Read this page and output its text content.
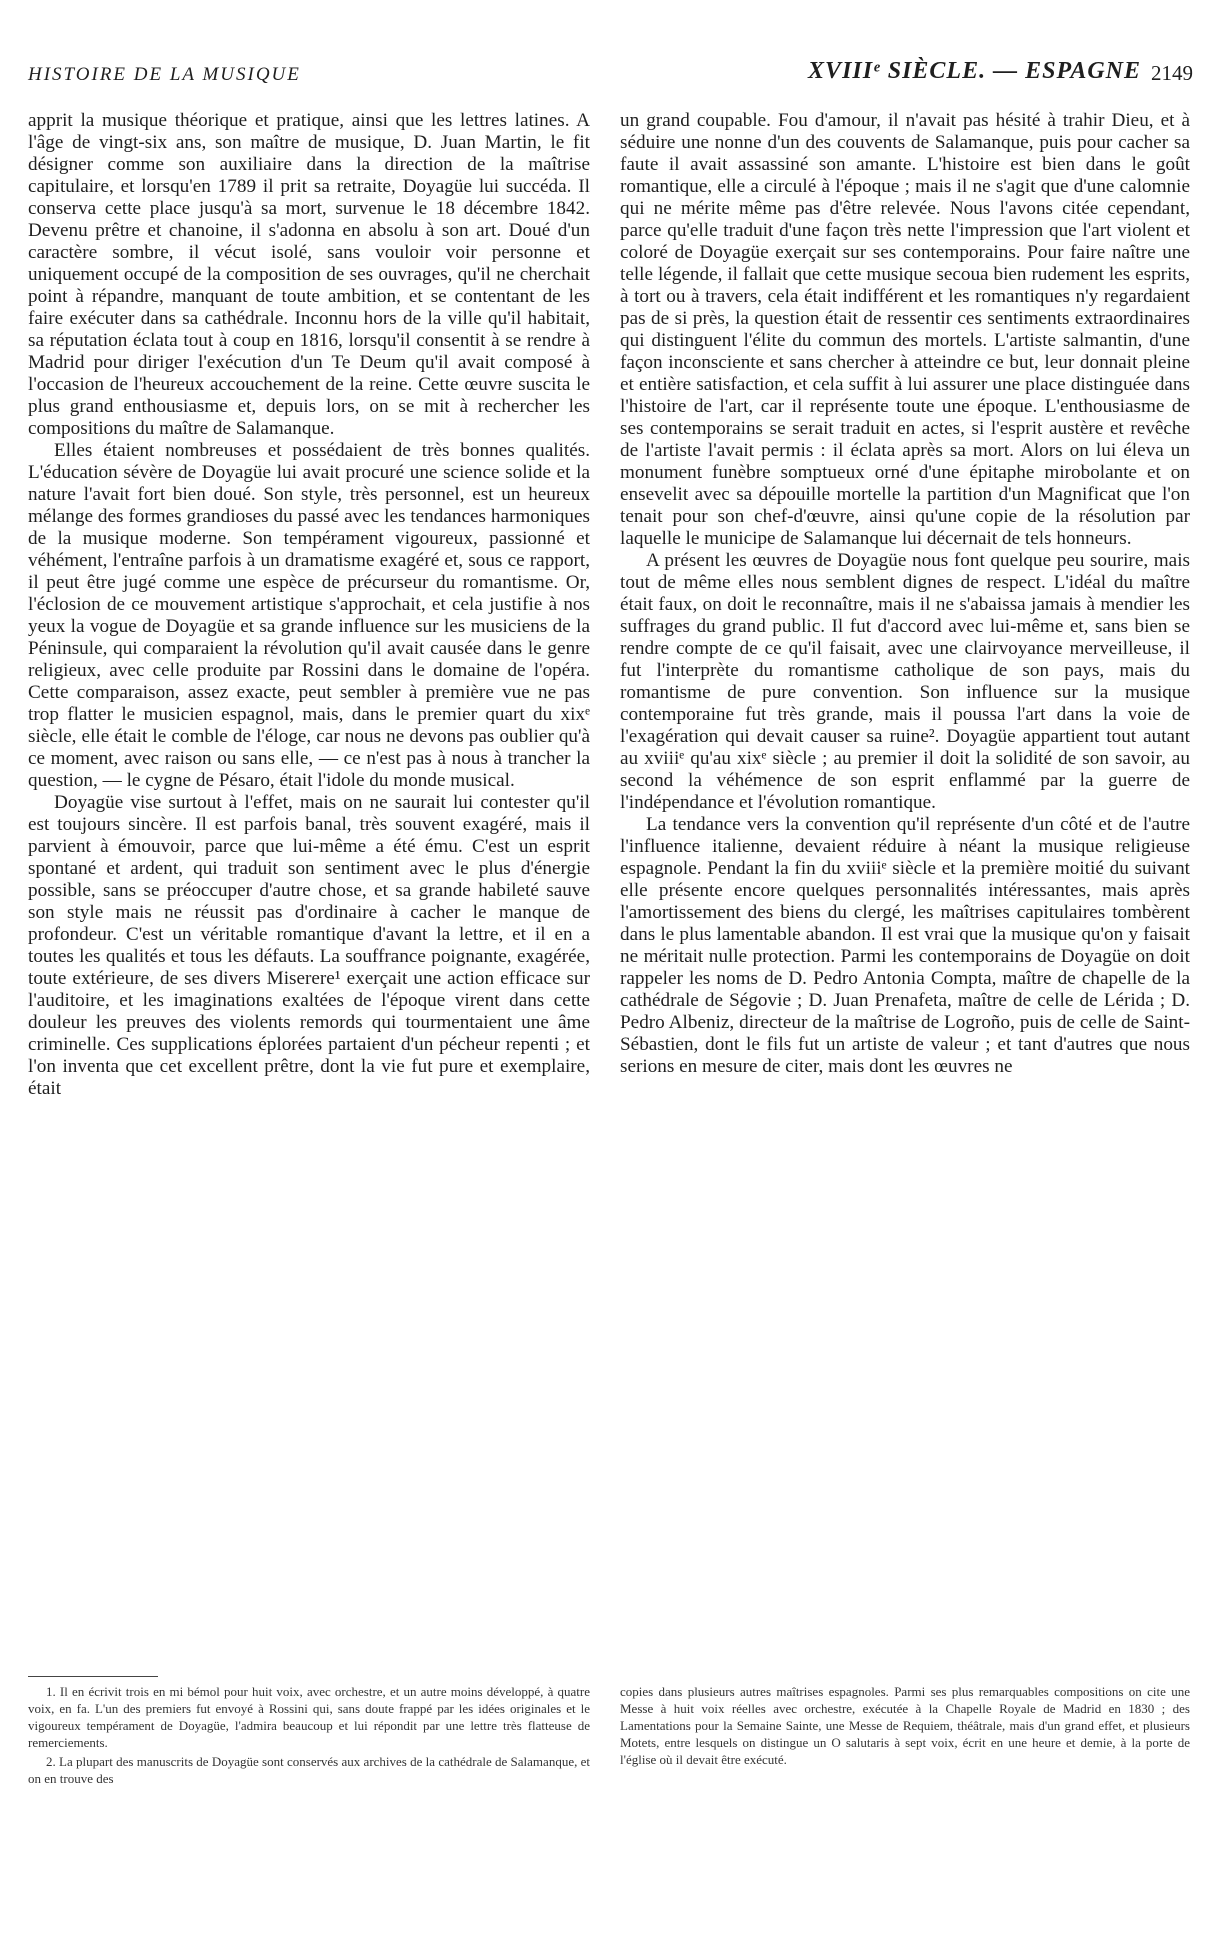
HISTOIRE DE LA MUSIQUE	XVIIIᵉ SIÈCLE. — ESPAGNE 2149

apprit la musique théorique et pratique, ainsi que les lettres latines. A l'âge de vingt-six ans, son maître de musique, D. Juan Martin, le fit désigner comme son auxiliaire dans la direction de la maîtrise capitulaire, et lorsqu'en 1789 il prit sa retraite, Doyagüe lui succéda. Il conserva cette place jusqu'à sa mort, survenue le 18 décembre 1842. Devenu prêtre et chanoine, il s'adonna en absolu à son art. Doué d'un caractère sombre, il vécut isolé, sans vouloir voir personne et uniquement occupé de la composition de ses ouvrages, qu'il ne cherchait point à répandre, manquant de toute ambition, et se contentant de les faire exécuter dans sa cathédrale. Inconnu hors de la ville qu'il habitait, sa réputation éclata tout à coup en 1816, lorsqu'il consentit à se rendre à Madrid pour diriger l'exécution d'un Te Deum qu'il avait composé à l'occasion de l'heureux accouchement de la reine. Cette œuvre suscita le plus grand enthousiasme et, depuis lors, on se mit à rechercher les compositions du maître de Salamanque.

Elles étaient nombreuses et possédaient de très bonnes qualités. L'éducation sévère de Doyagüe lui avait procuré une science solide et la nature l'avait fort bien doué. Son style, très personnel, est un heureux mélange des formes grandioses du passé avec les tendances harmoniques de la musique moderne. Son tempérament vigoureux, passionné et véhément, l'entraîne parfois à un dramatisme exagéré et, sous ce rapport, il peut être jugé comme une espèce de précurseur du romantisme. Or, l'éclosion de ce mouvement artistique s'approchait, et cela justifie à nos yeux la vogue de Doyagüe et sa grande influence sur les musiciens de la Péninsule, qui comparaient la révolution qu'il avait causée dans le genre religieux, avec celle produite par Rossini dans le domaine de l'opéra. Cette comparaison, assez exacte, peut sembler à première vue ne pas trop flatter le musicien espagnol, mais, dans le premier quart du xixᵉ siècle, elle était le comble de l'éloge, car nous ne devons pas oublier qu'à ce moment, avec raison ou sans elle, — ce n'est pas à nous à trancher la question, — le cygne de Pésaro, était l'idole du monde musical.

Doyagüe vise surtout à l'effet, mais on ne saurait lui contester qu'il est toujours sincère. Il est parfois banal, très souvent exagéré, mais il parvient à émouvoir, parce que lui-même a été ému. C'est un esprit spontané et ardent, qui traduit son sentiment avec le plus d'énergie possible, sans se préoccuper d'autre chose, et sa grande habileté sauve son style mais ne réussit pas d'ordinaire à cacher le manque de profondeur. C'est un véritable romantique d'avant la lettre, et il en a toutes les qualités et tous les défauts. La souffrance poignante, exagérée, toute extérieure, de ses divers Miserere¹ exerçait une action efficace sur l'auditoire, et les imaginations exaltées de l'époque virent dans cette douleur les preuves des violents remords qui tourmentaient une âme criminelle. Ces supplications éplorées partaient d'un pécheur repenti ; et l'on inventa que cet excellent prêtre, dont la vie fut pure et exemplaire, était

un grand coupable. Fou d'amour, il n'avait pas hésité à trahir Dieu, et à séduire une nonne d'un des couvents de Salamanque, puis pour cacher sa faute il avait assassiné son amante. L'histoire est bien dans le goût romantique, elle a circulé à l'époque ; mais il ne s'agit que d'une calomnie qui ne mérite même pas d'être relevée. Nous l'avons citée cependant, parce qu'elle traduit d'une façon très nette l'impression que l'art violent et coloré de Doyagüe exerçait sur ses contemporains. Pour faire naître une telle légende, il fallait que cette musique secoua bien rudement les esprits, à tort ou à travers, cela était indifférent et les romantiques n'y regardaient pas de si près, la question était de ressentir ces sentiments extraordinaires qui distinguent l'élite du commun des mortels. L'artiste salmantin, d'une façon inconsciente et sans chercher à atteindre ce but, leur donnait pleine et entière satisfaction, et cela suffit à lui assurer une place distinguée dans l'histoire de l'art, car il représente toute une époque. L'enthousiasme de ses contemporains se serait traduit en actes, si l'esprit austère et revêche de l'artiste l'avait permis : il éclata après sa mort. Alors on lui éleva un monument funèbre somptueux orné d'une épitaphe mirobolante et on ensevelit avec sa dépouille mortelle la partition d'un Magnificat que l'on tenait pour son chef-d'œuvre, ainsi qu'une copie de la résolution par laquelle le municipe de Salamanque lui décernait de tels honneurs.

A présent les œuvres de Doyagüe nous font quelque peu sourire, mais tout de même elles nous semblent dignes de respect. L'idéal du maître était faux, on doit le reconnaître, mais il ne s'abaissa jamais à mendier les suffrages du grand public. Il fut d'accord avec lui-même et, sans bien se rendre compte de ce qu'il faisait, avec une clairvoyance merveilleuse, il fut l'interprète du romantisme catholique de son pays, mais du romantisme de pure convention. Son influence sur la musique contemporaine fut très grande, mais il poussa l'art dans la voie de l'exagération qui devait causer sa ruine². Doyagüe appartient tout autant au xviiiᵉ qu'au xixᵉ siècle ; au premier il doit la solidité de son savoir, au second la véhémence de son esprit enflammé par la guerre de l'indépendance et l'évolution romantique.

La tendance vers la convention qu'il représente d'un côté et de l'autre l'influence italienne, devaient réduire à néant la musique religieuse espagnole. Pendant la fin du xviiiᵉ siècle et la première moitié du suivant elle présente encore quelques personnalités intéressantes, mais après l'amortissement des biens du clergé, les maîtrises capitulaires tombèrent dans le plus lamentable abandon. Il est vrai que la musique qu'on y faisait ne méritait nulle protection. Parmi les contemporains de Doyagüe on doit rappeler les noms de D. Pedro Antonia Compta, maître de chapelle de la cathédrale de Ségovie ; D. Juan Prenafeta, maître de celle de Lérida ; D. Pedro Albeniz, directeur de la maîtrise de Logroño, puis de celle de Saint-Sébastien, dont le fils fut un artiste de valeur ; et tant d'autres que nous serions en mesure de citer, mais dont les œuvres ne

1. Il en écrivit trois en mi bémol pour huit voix, avec orchestre, et un autre moins développé, à quatre voix, en fa. L'un des premiers fut envoyé à Rossini qui, sans doute frappé par les idées originales et le vigoureux tempérament de Doyagüe, l'admira beaucoup et lui répondit par une lettre très flatteuse de remerciements.

2. La plupart des manuscrits de Doyagüe sont conservés aux archives de la cathédrale de Salamanque, et on en trouve des

copies dans plusieurs autres maîtrises espagnoles. Parmi ses plus remarquables compositions on cite une Messe à huit voix réelles avec orchestre, exécutée à la Chapelle Royale de Madrid en 1830 ; des Lamentations pour la Semaine Sainte, une Messe de Requiem, théâtrale, mais d'un grand effet, et plusieurs Motets, entre lesquels on distingue un O salutaris à sept voix, écrit en une heure et demie, à la porte de l'église où il devait être exécuté.
